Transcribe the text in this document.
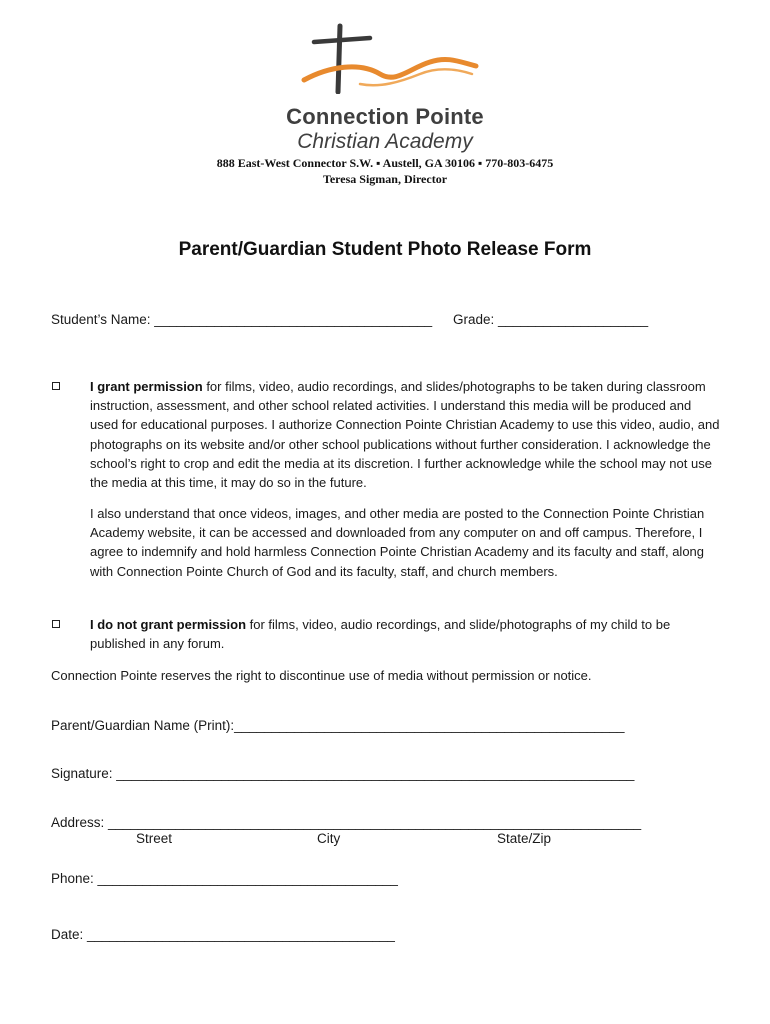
Connection Pointe
Christian Academy
888 East-West Connector S.W. ▪ Austell, GA 30106 ▪ 770-803-6475
Teresa Sigman, Director
Parent/Guardian Student Photo Release Form
Student’s Name: _____________________________________ Grade: ____________________
I grant permission for films, video, audio recordings, and slides/photographs to be taken during classroom instruction, assessment, and other school related activities. I understand this media will be produced and used for educational purposes. I authorize Connection Pointe Christian Academy to use this video, audio, and photographs on its website and/or other school publications without further consideration. I acknowledge the school’s right to crop and edit the media at its discretion. I further acknowledge while the school may not use the media at this time, it may do so in the future.
I also understand that once videos, images, and other media are posted to the Connection Pointe Christian Academy website, it can be accessed and downloaded from any computer on and off campus. Therefore, I agree to indemnify and hold harmless Connection Pointe Christian Academy and its faculty and staff, along with Connection Pointe Church of God and its faculty, staff, and church members.
I do not grant permission for films, video, audio recordings, and slide/photographs of my child to be published in any forum.
Connection Pointe reserves the right to discontinue use of media without permission or notice.
Parent/Guardian Name (Print):____________________________________________________
Signature: _____________________________________________________________________
Address: _______________________________________________________________________
Street	City	State/Zip
Phone: ________________________________________
Date: _________________________________________
